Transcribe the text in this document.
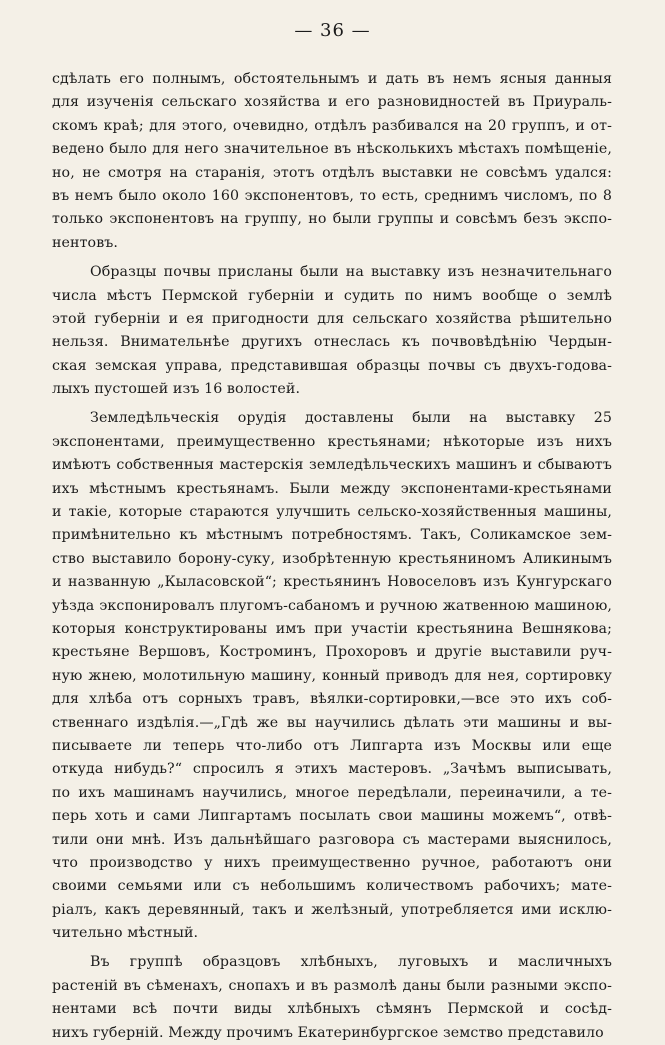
— 36 —
сдѣлать его полнымъ, обстоятельнымъ и дать въ немъ ясныя данныя
для изученія сельскаго хозяйства и его разновидностей въ Приураль-
скомъ краѣ; для этого, очевидно, отдѣлъ разбивался на 20 группъ, и от-
ведено было для него значительное въ нѣсколькихъ мѣстахъ помѣщеніе,
но, не смотря на старанія, этотъ отдѣлъ выставки не совсѣмъ удался:
въ немъ было около 160 экспонентовъ, то есть, среднимъ числомъ, по 8
только экспонентовъ на группу, но были группы и совсѣмъ безъ экспо-
нентовъ.
Образцы почвы присланы были на выставку изъ незначительнаго
числа мѣстъ Пермской губерніи и судить по нимъ вообще о землѣ
этой губерніи и ея пригодности для сельскаго хозяйства рѣшительно
нельзя. Внимательнѣе другихъ отнеслась къ почвовѣдѣнію Чердын-
ская земская управа, представившая образцы почвы съ двухъ-годова-
лыхъ пустошей изъ 16 волостей.
Земледѣльческія орудія доставлены были на выставку 25
экспонентами, преимущественно крестьянами; нѣкоторые изъ нихъ
имѣютъ собственныя мастерскія земледѣльческихъ машинъ и сбываютъ
ихъ мѣстнымъ крестьянамъ. Были между экспонентами-крестьянами
и такіе, которые стараются улучшить сельско-хозяйственныя машины,
примѣнительно къ мѣстнымъ потребностямъ. Такъ, Соликамское зем-
ство выставило борону-суку, изобрѣтенную крестьяниномъ Аликинымъ
и названную „Кыласовской“; крестьянинъ Новоселовъ изъ Кунгурскаго
уѣзда экспонировалъ плугомъ-сабаномъ и ручною жатвенною машиною,
которыя конструктированы имъ при участіи крестьянина Вешнякова;
крестьяне Вершовъ, Костроминъ, Прохоровъ и другіе выставили руч-
ную жнею, молотильную машину, конный приводъ для нея, сортировку
для хлѣба отъ сорныхъ травъ, вѣялки-сортировки,—все это ихъ соб-
ственнаго издѣлія.—„Гдѣ же вы научились дѣлать эти машины и вы-
писываете ли теперь что-либо отъ Липгарта изъ Москвы или еще
откуда нибудь?“ спросилъ я этихъ мастеровъ. „Зачѣмъ выписывать,
по ихъ машинамъ научились, многое передѣлали, переиначили, а те-
перь хоть и сами Липгартамъ посылать свои машины можемъ“, отвѣ-
тили они мнѣ. Изъ дальнѣйшаго разговора съ мастерами выяснилось,
что производство у нихъ преимущественно ручное, работаютъ они
своими семьями или съ небольшимъ количествомъ рабочихъ; мате-
ріалъ, какъ деревянный, такъ и желѣзный, употребляется ими исклю-
чительно мѣстный.
Въ группѣ образцовъ хлѣбныхъ, луговыхъ и масличныхъ
растеній въ сѣменахъ, снопахъ и въ размолѣ даны были разными экспо-
нентами всѣ почти виды хлѣбныхъ сѣмянъ Пермской и сосѣд-
нихъ губерній. Между прочимъ Екатеринбургское земство представило
